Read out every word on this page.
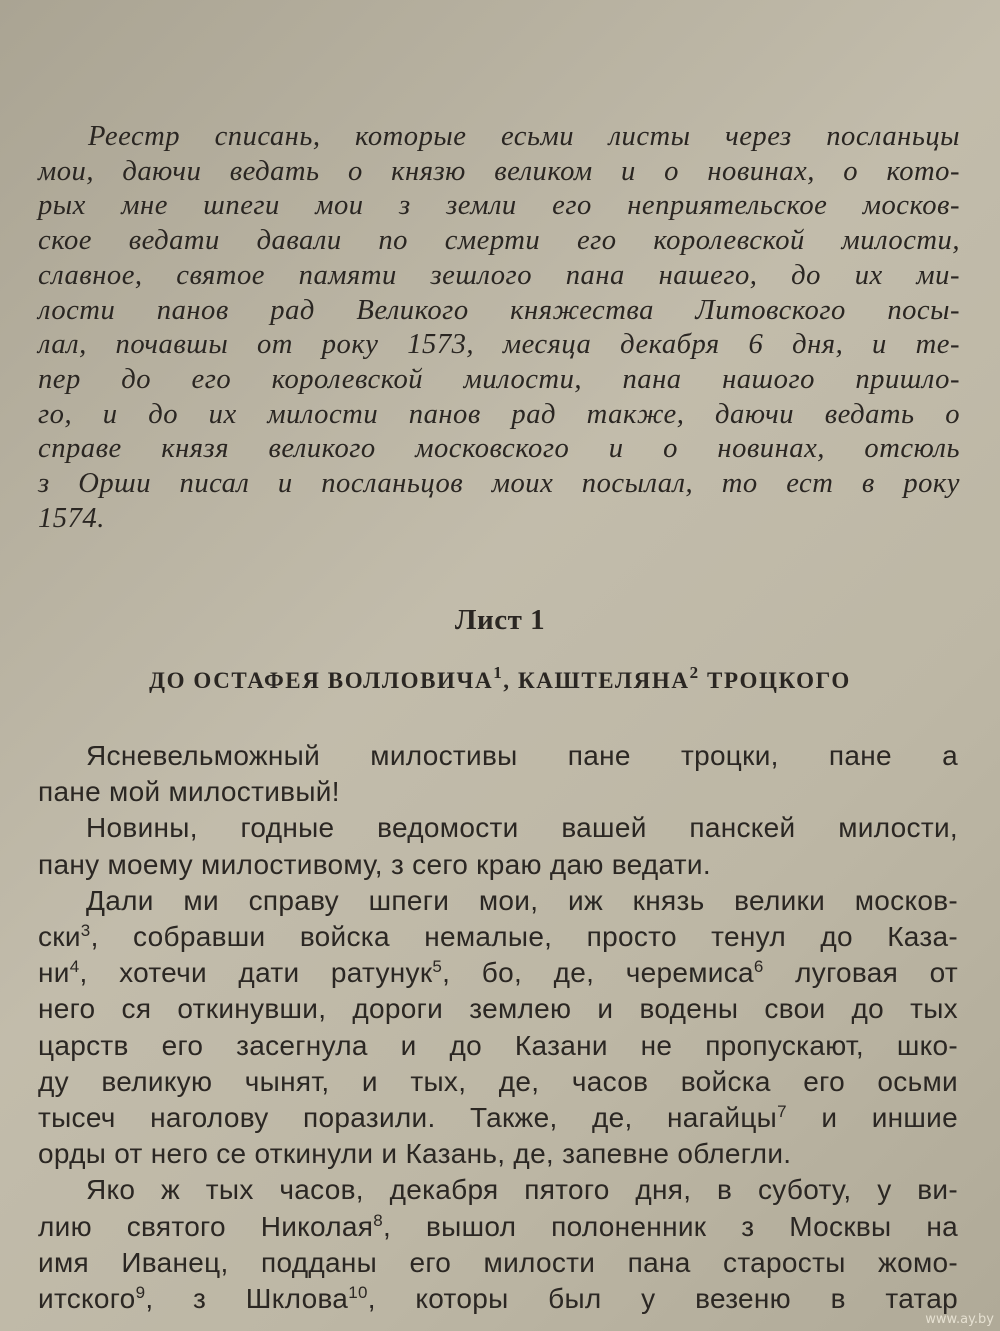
Реестр списань, которые есьми листы через посланьцы
мои, даючи ведать о князю великом и о новинах, о кото-
рых мне шпеги мои з земли его неприятельское москов-
ское ведати давали по смерти его королевской милости,
славное, святое памяти зешлого пана нашего, до их ми-
лости панов рад Великого княжества Литовского посы-
лал, почавшы от року 1573, месяца декабря 6 дня, и те-
пер до его королевской милости, пана нашого пришло-
го, и до их милости панов рад также, даючи ведать о
справе князя великого московского и о новинах, отсюль
з Орши писал и посланьцов моих посылал, то ест в року
1574.
Лист 1
ДО ОСТАФЕЯ ВОЛЛОВИЧА$^1$, КАШТЕЛЯНА$^2$ ТРОЦКОГО
Ясневельможный милостивы пане троцки, пане а
пане мой милостивый!
Новины, годные ведомости вашей панскей милости,
пану моему милостивому, з сего краю даю ведати.
Дали ми справу шпеги мои, иж князь велики москов-
ски$^3$, собравши войска немалые, просто тенул до Каза-
$ни^4$, хотечи дати ратунук$^5$, бо, де, черемиса$^6$ луговая от
него ся откинувши, дороги землею и водены свои до тых
царств его засегнула и до Казани не пропускают, шко-
ду великую чынят, и тых, де, часов войска его осьми
тысеч наголову поразили. Также, де, нагайцы$^7$ и иншие
орды от него се откинули и Казань, де, запевне облегли.
Яко ж тых часов, декабря пятого дня, в суботу, у ви-
лию святого Николая$^8$, вышол полоненник з Москвы на
имя Иванец, подданы его милости пана старосты жомо-
итского$^9$, з Шклова$^{10}$, которы был у везеню в татар
www.ay.by
